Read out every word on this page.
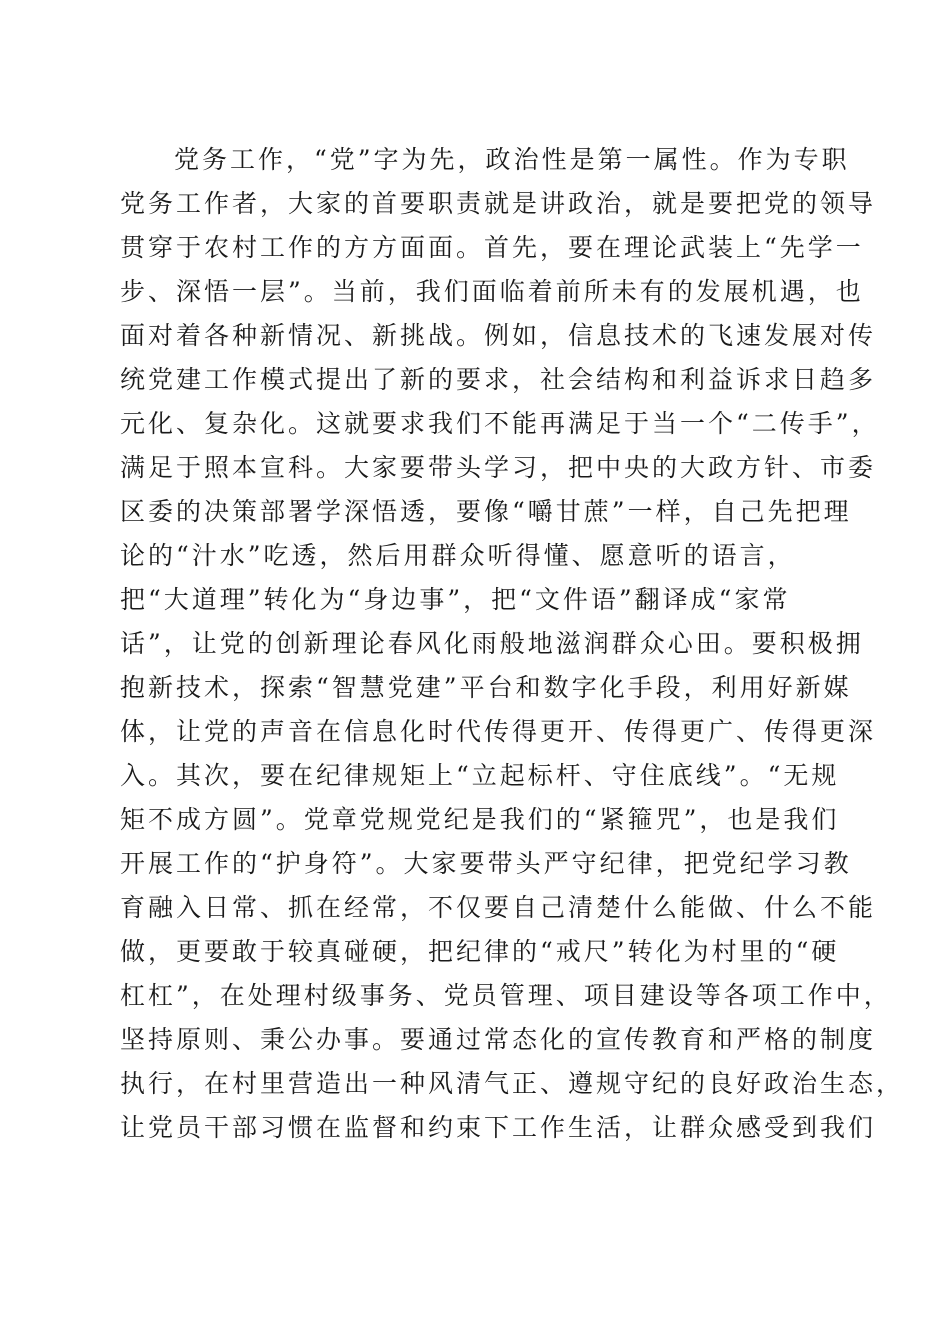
党务工作，“党”字为先，政治性是第一属性。作为专职
党务工作者，大家的首要职责就是讲政治，就是要把党的领导
贯穿于农村工作的方方面面。首先，要在理论武装上“先学一
步、深悟一层”。当前，我们面临着前所未有的发展机遇，也
面对着各种新情况、新挑战。例如，信息技术的飞速发展对传
统党建工作模式提出了新的要求，社会结构和利益诉求日趋多
元化、复杂化。这就要求我们不能再满足于当一个“二传手”，
满足于照本宣科。大家要带头学习，把中央的大政方针、市委
区委的决策部署学深悟透，要像“嚼甘蔗”一样，自己先把理
论的“汁水”吃透，然后用群众听得懂、愿意听的语言，
把“大道理”转化为“身边事”，把“文件语”翻译成“家常
话”，让党的创新理论春风化雨般地滋润群众心田。要积极拥
抱新技术，探索“智慧党建”平台和数字化手段，利用好新媒
体，让党的声音在信息化时代传得更开、传得更广、传得更深
入。其次，要在纪律规矩上“立起标杆、守住底线”。“无规
矩不成方圆”。党章党规党纪是我们的“紧箍咒”，也是我们
开展工作的“护身符”。大家要带头严守纪律，把党纪学习教
育融入日常、抓在经常，不仅要自己清楚什么能做、什么不能
做，更要敢于较真碰硬，把纪律的“戒尺”转化为村里的“硬
杠杠”，在处理村级事务、党员管理、项目建设等各项工作中，
坚持原则、秉公办事。要通过常态化的宣传教育和严格的制度
执行，在村里营造出一种风清气正、遵规守纪的良好政治生态，
让党员干部习惯在监督和约束下工作生活，让群众感受到我们
